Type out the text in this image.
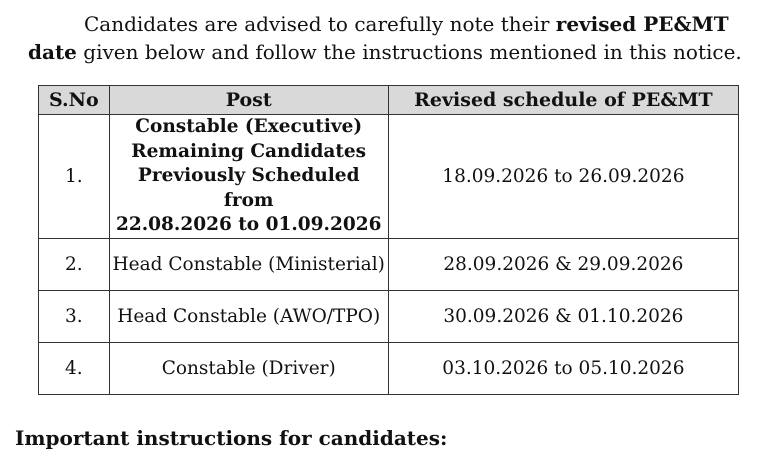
Candidates are advised to carefully note their revised PE&MT date given below and follow the instructions mentioned in this notice.
S.No	Post	Revised schedule of PE&MT
1.	Constable (Executive)
Remaining Candidates
Previously Scheduled from
22.08.2026 to 01.09.2026	18.09.2026 to 26.09.2026
2.	Head Constable (Ministerial)	28.09.2026 & 29.09.2026
3.	Head Constable (AWO/TPO)	30.09.2026 & 01.10.2026
4.	Constable (Driver)	03.10.2026 to 05.10.2026
Important instructions for candidates:
